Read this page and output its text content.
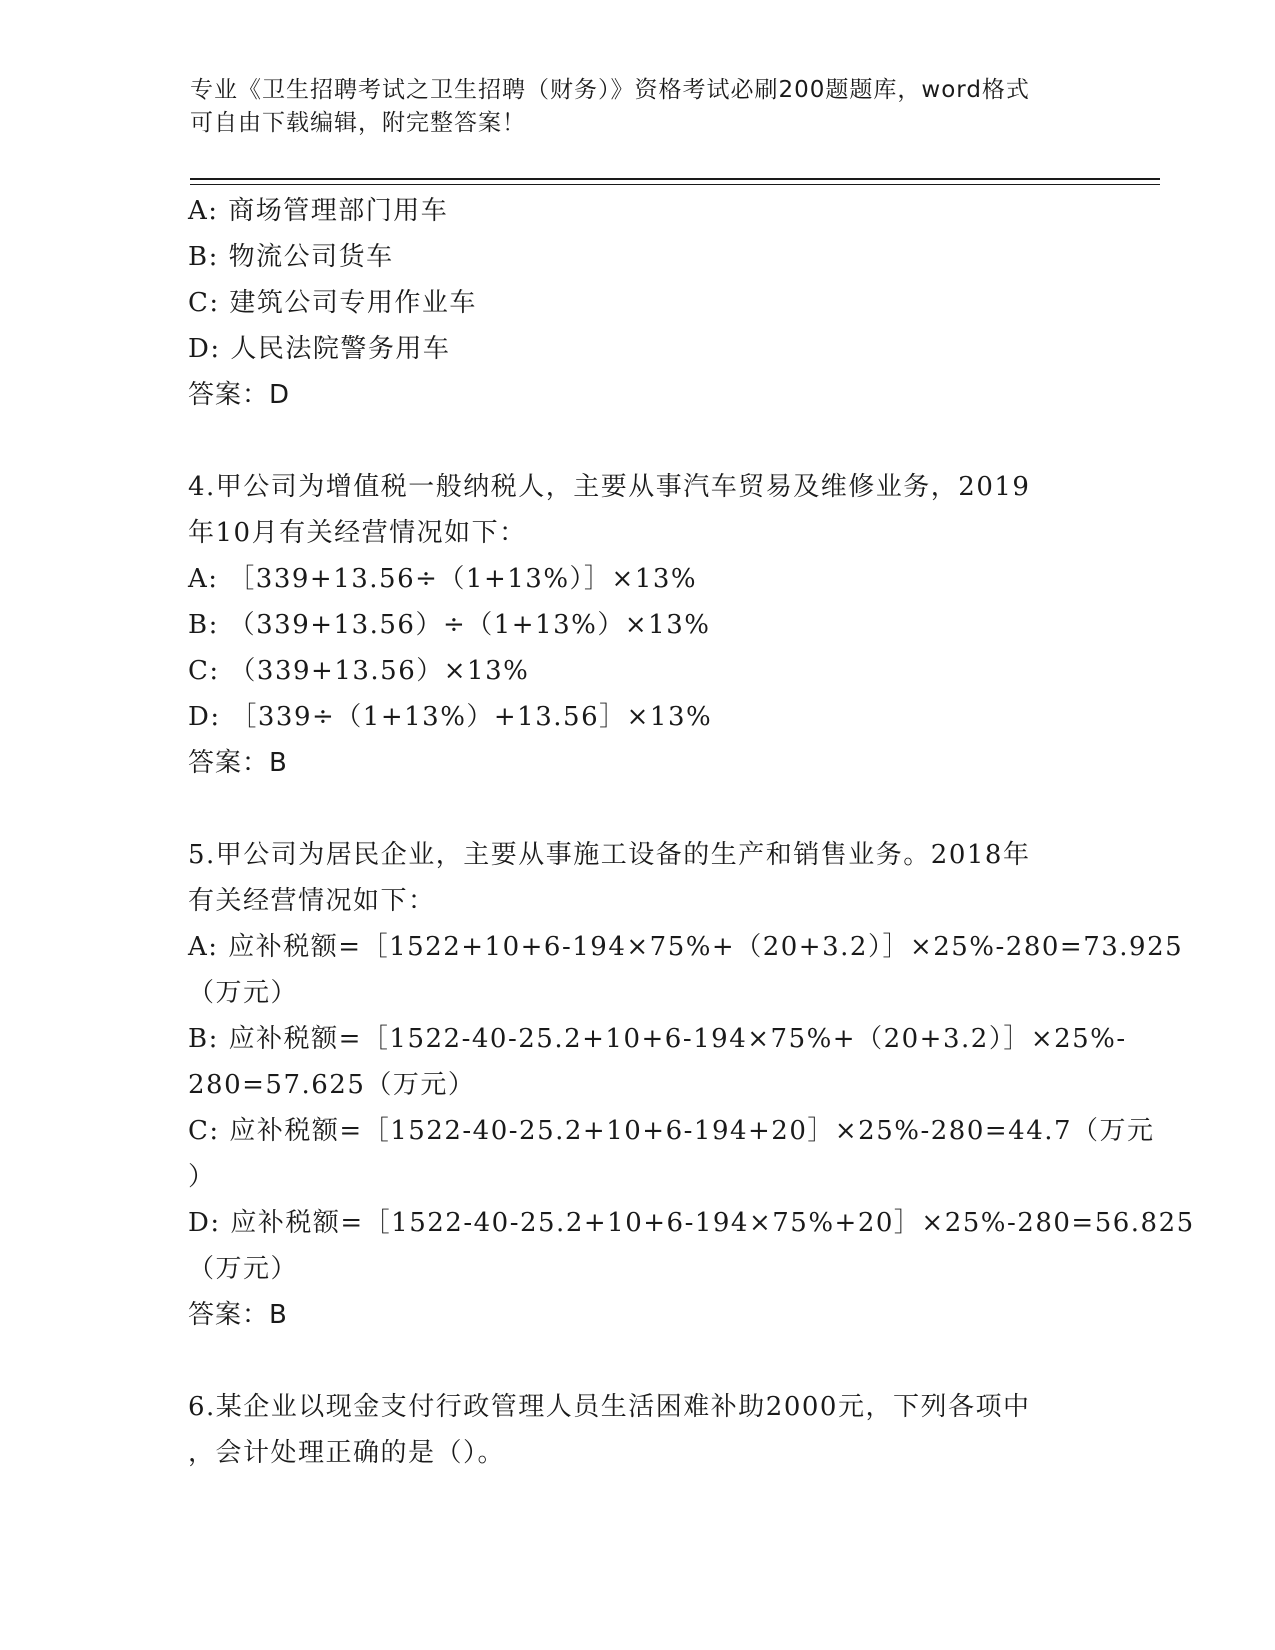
专业《卫生招聘考试之卫生招聘（财务）》资格考试必刷200题题库，word格式
可自由下载编辑，附完整答案！
A: 商场管理部门用车
B: 物流公司货车
C: 建筑公司专用作业车
D: 人民法院警务用车
答案：D
4.甲公司为增值税一般纳税人，主要从事汽车贸易及维修业务，2019
年10月有关经营情况如下：
A: ［339+13.56÷（1+13%）］×13%
B: （339+13.56）÷（1+13%）×13%
C: （339+13.56）×13%
D: ［339÷（1+13%）+13.56］×13%
答案：B
5.甲公司为居民企业，主要从事施工设备的生产和销售业务。2018年
有关经营情况如下：
A: 应补税额=［1522+10+6-194×75%+（20+3.2）］×25%-280=73.925
（万元）
B: 应补税额=［1522-40-25.2+10+6-194×75%+（20+3.2）］×25%-
280=57.625（万元）
C: 应补税额=［1522-40-25.2+10+6-194+20］×25%-280=44.7（万元
）
D: 应补税额=［1522-40-25.2+10+6-194×75%+20］×25%-280=56.825
（万元）
答案：B
6.某企业以现金支付行政管理人员生活困难补助2000元，下列各项中
，会计处理正确的是（）。
